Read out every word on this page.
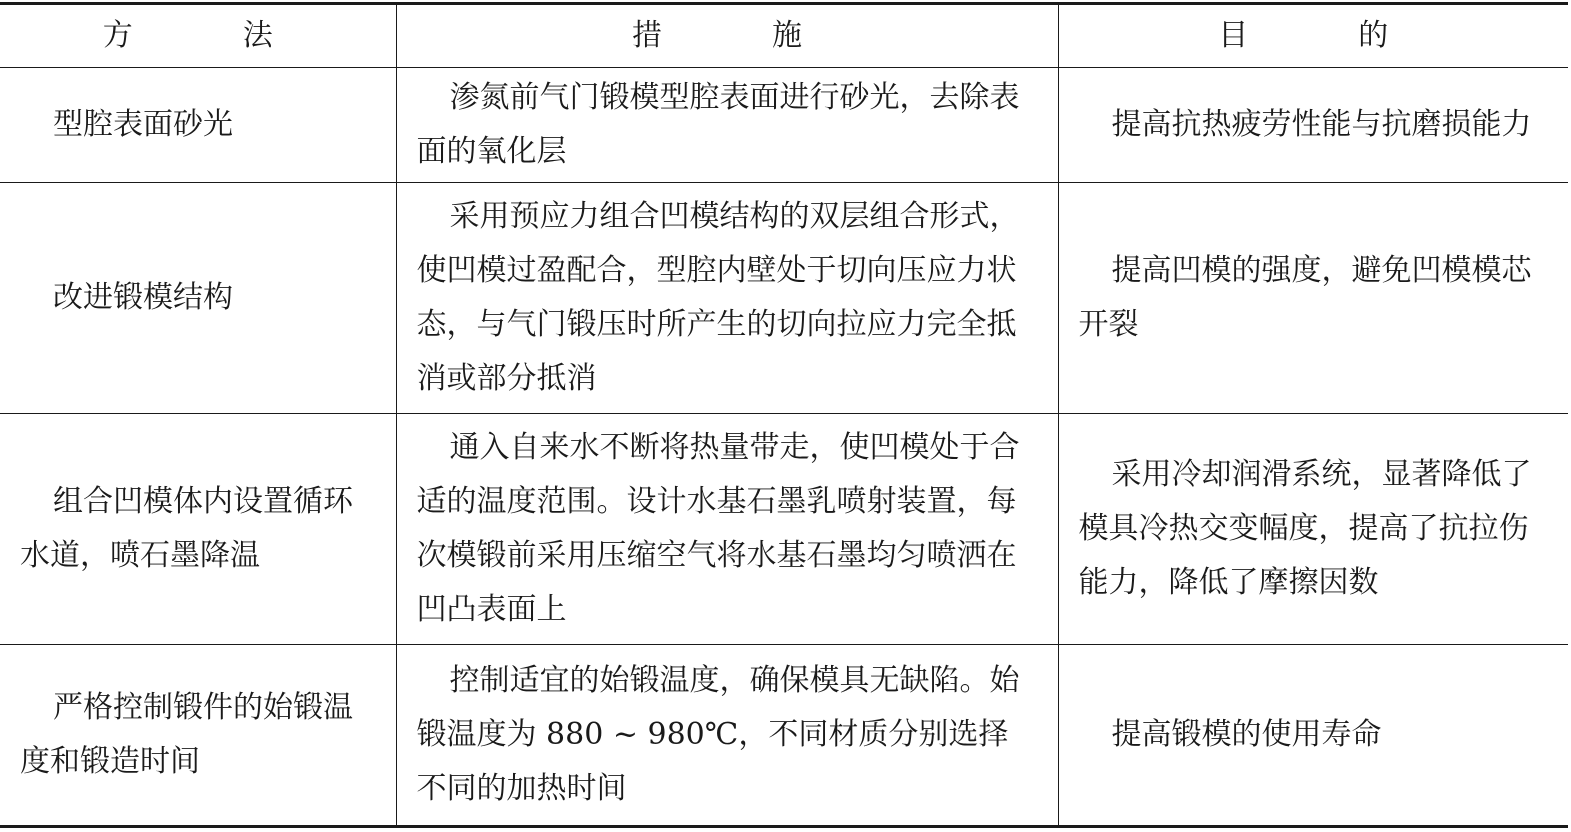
方　法	措　施	目　的
型腔表面砂光	渗氮前气门锻模型腔表面进行砂光，去除表面的氧化层	提高抗热疲劳性能与抗磨损能力
改进锻模结构	采用预应力组合凹模结构的双层组合形式，使凹模过盈配合，型腔内壁处于切向压应力状态，与气门锻压时所产生的切向拉应力完全抵消或部分抵消	提高凹模的强度，避免凹模模芯开裂
组合凹模体内设置循环水道，喷石墨降温	通入自来水不断将热量带走，使凹模处于合适的温度范围。设计水基石墨乳喷射装置，每次模锻前采用压缩空气将水基石墨均匀喷洒在凹凸表面上	采用冷却润滑系统，显著降低了模具冷热交变幅度，提高了抗拉伤能力，降低了摩擦因数
严格控制锻件的始锻温度和锻造时间	控制适宜的始锻温度，确保模具无缺陷。始锻温度为 880 ~ 980℃，不同材质分别选择不同的加热时间	提高锻模的使用寿命
